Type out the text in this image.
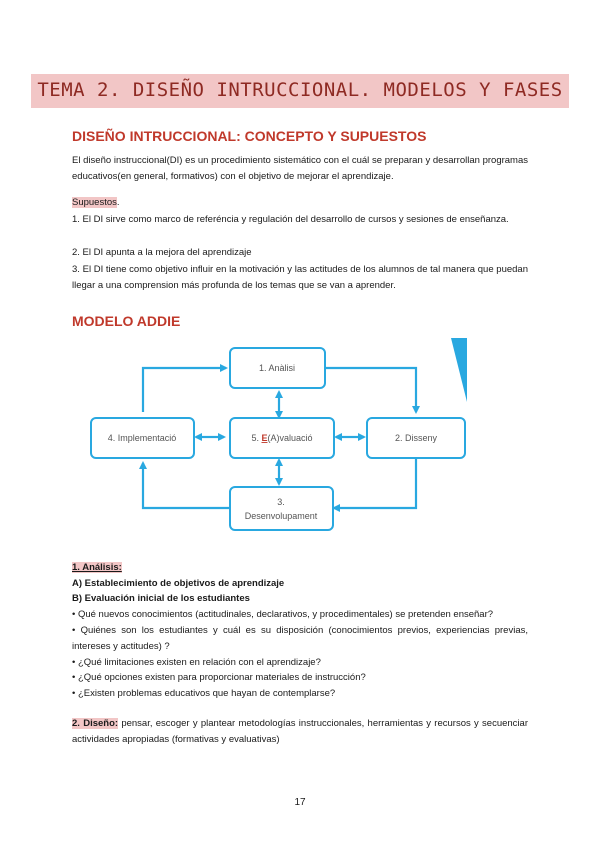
TEMA 2. DISEÑO INTRUCCIONAL. MODELOS Y FASES
DISEÑO INTRUCCIONAL: CONCEPTO Y SUPUESTOS
El diseño instruccional(DI) es un procedimiento sistemático con el cuál se preparan y desarrollan programas educativos(en general, formativos) con el objetivo de mejorar el aprendizaje.
Supuestos.
1. El DI sirve como marco de referéncia y regulación del desarrollo de cursos y sesiones de enseñanza.
2. El DI apunta a la mejora del aprendizaje
3. El DI tiene como objetivo influir en la motivación y las actitudes de los alumnos de tal manera que puedan llegar a una comprension más profunda de los temas que se van a aprender.
MODELO ADDIE
1. Anàlisi
5. E(A)valuació
4. Implementació	2. Disseny
3.
Desenvolupament
1. Análisis:
A) Establecimiento de objetivos de aprendizaje
B) Evaluación inicial de los estudiantes
• Qué nuevos conocimientos (actitudinales, declarativos, y procedimentales) se pretenden enseñar?
• Quiénes son los estudiantes y cuál es su disposición (conocimientos previos, experiencias previas, intereses y actitudes) ?
• ¿Qué limitaciones existen en relación con el aprendizaje?
• ¿Qué opciones existen para proporcionar materiales de instrucción?
• ¿Existen problemas educativos que hayan de contemplarse?
2. Diseño: pensar, escoger y plantear metodologías instruccionales, herramientas y recursos y secuenciar actividades apropiadas (formativas y evaluativas)
17
